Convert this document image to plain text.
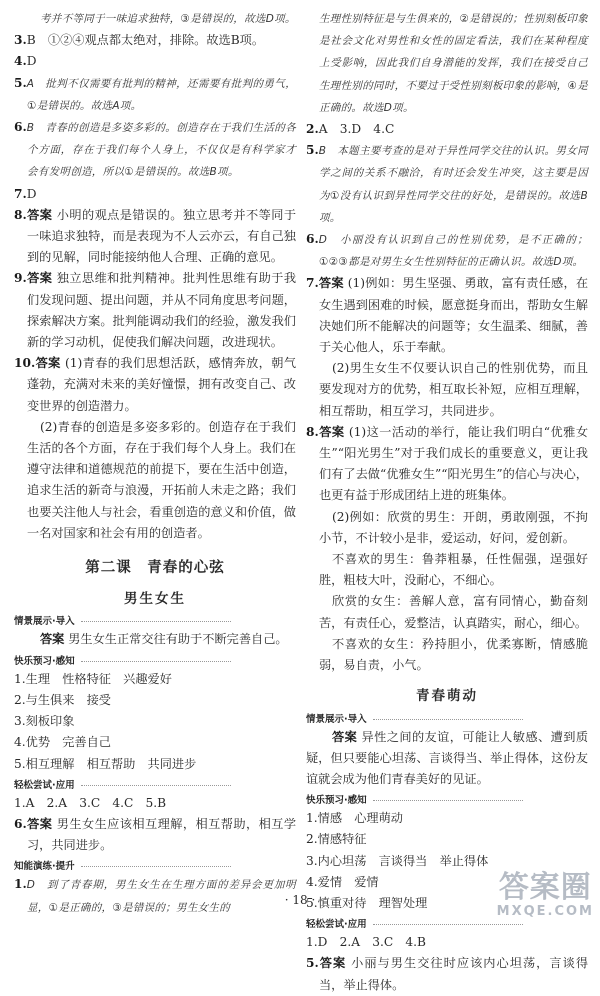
考并不等同于一味追求独特，③是错误的，故选D项。

3.B　①②④观点都太绝对，排除。故选B项。

4.D

5.A　批判不仅需要有批判的精神，还需要有批判的勇气，①是错误的。故选A项。

6.B　青春的创造是多姿多彩的。创造存在于我们生活的各个方面，存在于我们每个人身上，不仅仅是有科学家才会有发明创造，所以①是错误的。故选B项。

7.D

8.答案 小明的观点是错误的。独立思考并不等同于一味追求独特，而是表现为不人云亦云，有自己独到的见解，同时能接纳他人合理、正确的意见。

9.答案 独立思维和批判精神。批判性思维有助于我们发现问题、提出问题，并从不同角度思考问题，探索解决方案。批判能调动我们的经验，激发我们新的学习动机，促使我们解决问题，改进现状。

10.答案 (1)青春的我们思想活跃，感情奔放，朝气蓬勃，充满对未来的美好憧憬，拥有改变自己、改变世界的创造潜力。

(2)青春的创造是多姿多彩的。创造存在于我们生活的各个方面，存在于我们每个人身上。我们在遵守法律和道德规范的前提下，要在生活中创造，追求生活的新奇与浪漫，开拓前人未走之路；我们也要关注他人与社会，看重创造的意义和价值，做一名对国家和社会有用的创造者。

第二课　青春的心弦
男生女生
情景展示·导入

答案 男生女生正常交往有助于不断完善自己。

快乐预习·感知

1.生理　性格特征　兴趣爱好

2.与生俱来　接受

3.刻板印象

4.优势　完善自己

5.相互理解　相互帮助　共同进步

轻松尝试·应用

1.A　2.A　3.C　4.C　5.B

6.答案 男生女生应该相互理解，相互帮助，相互学习，共同进步。

知能演练·提升

1.D　到了青春期，男生女生在生理方面的差异会更加明显，①是正确的，③是错误的；男生女生的

生理性别特征是与生俱来的，②是错误的；性别刻板印象是社会文化对男性和女性的固定看法，我们在某种程度上受影响，因此我们自身潜能的发挥，我们在接受自己生理性别的同时，不要过于受性别刻板印象的影响，④是正确的。故选D项。

2.A　3.D　4.C

5.B　本题主要考查的是对于异性同学交往的认识。男女同学之间的关系不融洽，有时还会发生冲突，这主要是因为①没有认识到异性同学交往的好处，是错误的。故选B项。

6.D　小丽没有认识到自己的性别优势，是不正确的；①②③都是对男生女生性别特征的正确认识。故选D项。

7.答案 (1)例如：男生坚强、勇敢，富有责任感，在女生遇到困难的时候，愿意挺身而出，帮助女生解决她们所不能解决的问题等；女生温柔、细腻，善于关心他人，乐于奉献。

(2)男生女生不仅要认识自己的性别优势，而且要发现对方的优势，相互取长补短，应相互理解，相互帮助，相互学习，共同进步。

8.答案 (1)这一活动的举行，能让我们明白“优雅女生”“阳光男生”对于我们成长的重要意义，更让我们有了去做“优雅女生”“阳光男生”的信心与决心，也更有益于形成团结上进的班集体。

(2)例如：欣赏的男生：开朗，勇敢刚强，不拘小节，不计较小是非，爱运动，好问，爱创新。

不喜欢的男生：鲁莽粗暴，任性倔强，逞强好胜，粗枝大叶，没耐心，不细心。

欣赏的女生：善解人意，富有同情心，勤奋刻苦，有责任心，爱整洁，认真踏实，耐心，细心。

不喜欢的女生：矜持胆小，优柔寡断，情感脆弱，易自责，小气。

青春萌动
情景展示·导入

答案 异性之间的友谊，可能让人敏感、遭到质疑，但只要能心坦荡、言谈得当、举止得体，这份友谊就会成为他们青春美好的见证。

快乐预习·感知

1.情感　心理萌动

2.情感特征

3.内心坦荡　言谈得当　举止得体

4.爱情　爱情

5.慎重对待　理智处理

轻松尝试·应用

1.D　2.A　3.C　4.B

5.答案 小丽与男生交往时应该内心坦荡，言谈得当，举止得体。

· 18 ·	答案圈
MXQE.COM
